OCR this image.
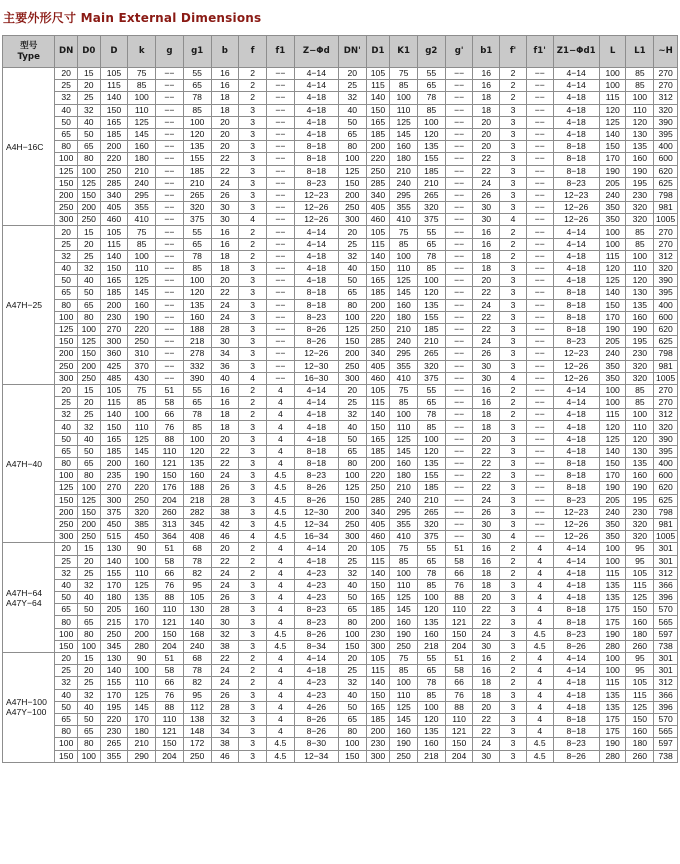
主要外形尺寸 Main External Dimensions
型号
Type	DN	D0	D	k	g	g1	b	f	f1	Z−Φd	DN'	D1	K1	g2	g'	b1	f'	f1'	Z1−Φd1	L	L1	~H
A4H−16C	20	15	105	75	−−	55	16	2	−−	4−14	20	105	75	55	−−	16	2	−−	4−14	100	85	270
	25	20	115	85	−−	65	16	2	−−	4−14	25	115	85	65	−−	16	2	−−	4−14	100	85	270
	32	25	140	100	−−	78	18	2	−−	4−18	32	140	100	78	−−	18	2	−−	4−18	115	100	312
	40	32	150	110	−−	85	18	3	−−	4−18	40	150	110	85	−−	18	3	−−	4−18	120	110	320
	50	40	165	125	−−	100	20	3	−−	4−18	50	165	125	100	−−	20	3	−−	4−18	125	120	390
	65	50	185	145	−−	120	20	3	−−	4−18	65	185	145	120	−−	20	3	−−	4−18	140	130	395
	80	65	200	160	−−	135	20	3	−−	8−18	80	200	160	135	−−	20	3	−−	8−18	150	135	400
	100	80	220	180	−−	155	22	3	−−	8−18	100	220	180	155	−−	22	3	−−	8−18	170	160	600
	125	100	250	210	−−	185	22	3	−−	8−18	125	250	210	185	−−	22	3	−−	8−18	190	190	620
	150	125	285	240	−−	210	24	3	−−	8−23	150	285	240	210	−−	24	3	−−	8−23	205	195	625
	200	150	340	295	−−	265	26	3	−−	12−23	200	340	295	265	−−	26	3	−−	12−23	240	230	798
	250	200	405	355	−−	320	30	3	−−	12−26	250	405	355	320	−−	30	3	−−	12−26	350	320	981
	300	250	460	410	−−	375	30	4	−−	12−26	300	460	410	375	−−	30	4	−−	12−26	350	320	1005
A47H−25	20	15	105	75	−−	55	16	2	−−	4−14	20	105	75	55	−−	16	2	−−	4−14	100	85	270
	25	20	115	85	−−	65	16	2	−−	4−14	25	115	85	65	−−	16	2	−−	4−14	100	85	270
	32	25	140	100	−−	78	18	2	−−	4−18	32	140	100	78	−−	18	2	−−	4−18	115	100	312
	40	32	150	110	−−	85	18	3	−−	4−18	40	150	110	85	−−	18	3	−−	4−18	120	110	320
	50	40	165	125	−−	100	20	3	−−	4−18	50	165	125	100	−−	20	3	−−	4−18	125	120	390
	65	50	185	145	−−	120	22	3	−−	8−18	65	185	145	120	−−	22	3	−−	8−18	140	130	395
	80	65	200	160	−−	135	24	3	−−	8−18	80	200	160	135	−−	24	3	−−	8−18	150	135	400
	100	80	230	190	−−	160	24	3	−−	8−23	100	220	180	155	−−	22	3	−−	8−18	170	160	600
	125	100	270	220	−−	188	28	3	−−	8−26	125	250	210	185	−−	22	3	−−	8−18	190	190	620
	150	125	300	250	−−	218	30	3	−−	8−26	150	285	240	210	−−	24	3	−−	8−23	205	195	625
	200	150	360	310	−−	278	34	3	−−	12−26	200	340	295	265	−−	26	3	−−	12−23	240	230	798
	250	200	425	370	−−	332	36	3	−−	12−30	250	405	355	320	−−	30	3	−−	12−26	350	320	981
	300	250	485	430	−−	390	40	4	−−	16−30	300	460	410	375	−−	30	4	−−	12−26	350	320	1005
A47H−40	20	15	105	75	51	55	16	2	4	4−14	20	105	75	55	−−	16	2	−−	4−14	100	85	270
	25	20	115	85	58	65	16	2	4	4−14	25	115	85	65	−−	16	2	−−	4−14	100	85	270
	32	25	140	100	66	78	18	2	4	4−18	32	140	100	78	−−	18	2	−−	4−18	115	100	312
	40	32	150	110	76	85	18	3	4	4−18	40	150	110	85	−−	18	3	−−	4−18	120	110	320
	50	40	165	125	88	100	20	3	4	4−18	50	165	125	100	−−	20	3	−−	4−18	125	120	390
	65	50	185	145	110	120	22	3	4	8−18	65	185	145	120	−−	22	3	−−	4−18	140	130	395
	80	65	200	160	121	135	22	3	4	8−18	80	200	160	135	−−	22	3	−−	8−18	150	135	400
	100	80	235	190	150	160	24	3	4.5	8−23	100	220	180	155	−−	22	3	−−	8−18	170	160	600
	125	100	270	220	176	188	26	3	4.5	8−26	125	250	210	185	−−	22	3	−−	8−18	190	190	620
	150	125	300	250	204	218	28	3	4.5	8−26	150	285	240	210	−−	24	3	−−	8−23	205	195	625
	200	150	375	320	260	282	38	3	4.5	12−30	200	340	295	265	−−	26	3	−−	12−23	240	230	798
	250	200	450	385	313	345	42	3	4.5	12−34	250	405	355	320	−−	30	3	−−	12−26	350	320	981
	300	250	515	450	364	408	46	4	4.5	16−34	300	460	410	375	−−	30	4	−−	12−26	350	320	1005
A47H−64
A47Y−64	20	15	130	90	51	68	20	2	4	4−14	20	105	75	55	51	16	2	4	4−14	100	95	301
	25	20	140	100	58	78	22	2	4	4−18	25	115	85	65	58	16	2	4	4−14	100	95	301
	32	25	155	110	66	82	24	2	4	4−23	32	140	100	78	66	18	2	4	4−18	115	105	312
	40	32	170	125	76	95	24	3	4	4−23	40	150	110	85	76	18	3	4	4−18	135	115	366
	50	40	180	135	88	105	26	3	4	4−23	50	165	125	100	88	20	3	4	4−18	135	125	396
	65	50	205	160	110	130	28	3	4	8−23	65	185	145	120	110	22	3	4	8−18	175	150	570
	80	65	215	170	121	140	30	3	4	8−23	80	200	160	135	121	22	3	4	8−18	175	160	565
	100	80	250	200	150	168	32	3	4.5	8−26	100	230	190	160	150	24	3	4.5	8−23	190	180	597
	150	100	345	280	204	240	38	3	4.5	8−34	150	300	250	218	204	30	3	4.5	8−26	280	260	738
A47H−100
A47Y−100	20	15	130	90	51	68	22	2	4	4−14	20	105	75	55	51	16	2	4	4−14	100	95	301
	25	20	140	100	58	78	24	2	4	4−18	25	115	85	65	58	16	2	4	4−14	100	95	301
	32	25	155	110	66	82	24	2	4	4−23	32	140	100	78	66	18	2	4	4−18	115	105	312
	40	32	170	125	76	95	26	3	4	4−23	40	150	110	85	76	18	3	4	4−18	135	115	366
	50	40	195	145	88	112	28	3	4	4−26	50	165	125	100	88	20	3	4	4−18	135	125	396
	65	50	220	170	110	138	32	3	4	8−26	65	185	145	120	110	22	3	4	8−18	175	150	570
	80	65	230	180	121	148	34	3	4	8−26	80	200	160	135	121	22	3	4	8−18	175	160	565
	100	80	265	210	150	172	38	3	4.5	8−30	100	230	190	160	150	24	3	4.5	8−23	190	180	597
	150	100	355	290	204	250	46	3	4.5	12−34	150	300	250	218	204	30	3	4.5	8−26	280	260	738
